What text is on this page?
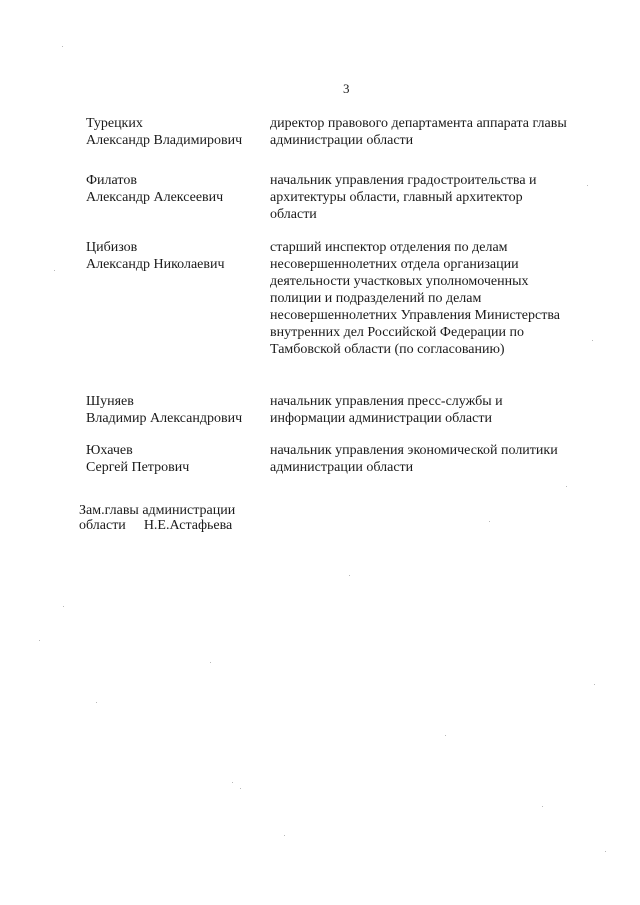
3
Турецких
Александр Владимирович
директор правового департамента аппарата главы администрации области
Филатов
Александр Алексеевич
начальник управления градостроительства и архитектуры области, главный архитектор области
Цибизов
Александр Николаевич
старший инспектор отделения по делам несовершеннолетних отдела организации деятельности участковых уполномоченных полиции и подразделений по делам несовершеннолетних Управления Министерства внутренних дел Российской Федерации по Тамбовской области (по согласованию)
Шуняев
Владимир Александрович
начальник управления пресс-службы и информации администрации области
Юхачев
Сергей Петрович
начальник управления экономической политики администрации области
Зам.главы администрации
области Н.Е.Астафьева
